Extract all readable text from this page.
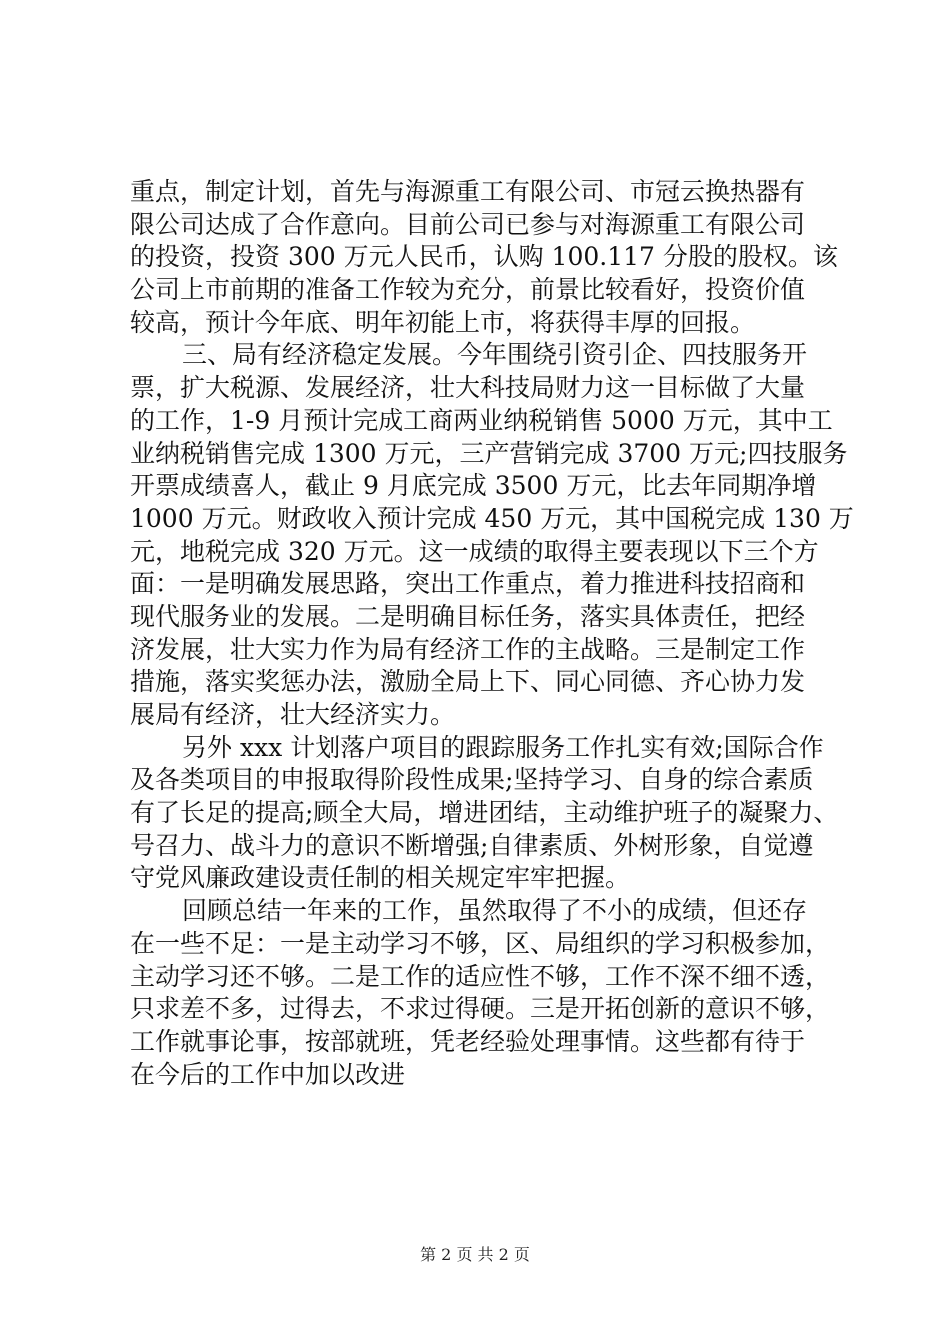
重点，制定计划，首先与海源重工有限公司、市冠云换热器有
限公司达成了合作意向。目前公司已参与对海源重工有限公司
的投资，投资 300 万元人民币，认购 100.117 分股的股权。该
公司上市前期的准备工作较为充分，前景比较看好，投资价值
较高，预计今年底、明年初能上市，将获得丰厚的回报。
三、局有经济稳定发展。今年围绕引资引企、四技服务开
票，扩大税源、发展经济，壮大科技局财力这一目标做了大量
的工作，1-9 月预计完成工商两业纳税销售 5000 万元，其中工
业纳税销售完成 1300 万元，三产营销完成 3700 万元;四技服务
开票成绩喜人，截止 9 月底完成 3500 万元，比去年同期净增
1000 万元。财政收入预计完成 450 万元，其中国税完成 130 万
元，地税完成 320 万元。这一成绩的取得主要表现以下三个方
面：一是明确发展思路，突出工作重点，着力推进科技招商和
现代服务业的发展。二是明确目标任务，落实具体责任，把经
济发展，壮大实力作为局有经济工作的主战略。三是制定工作
措施，落实奖惩办法，激励全局上下、同心同德、齐心协力发
展局有经济，壮大经济实力。
另外 xxx 计划落户项目的跟踪服务工作扎实有效;国际合作
及各类项目的申报取得阶段性成果;坚持学习、自身的综合素质
有了长足的提高;顾全大局，增进团结，主动维护班子的凝聚力、
号召力、战斗力的意识不断增强;自律素质、外树形象，自觉遵
守党风廉政建设责任制的相关规定牢牢把握。
回顾总结一年来的工作，虽然取得了不小的成绩，但还存
在一些不足：一是主动学习不够，区、局组织的学习积极参加，
主动学习还不够。二是工作的适应性不够，工作不深不细不透，
只求差不多，过得去，不求过得硬。三是开拓创新的意识不够，
工作就事论事，按部就班，凭老经验处理事情。这些都有待于
在今后的工作中加以改进
第 2 页 共 2 页
